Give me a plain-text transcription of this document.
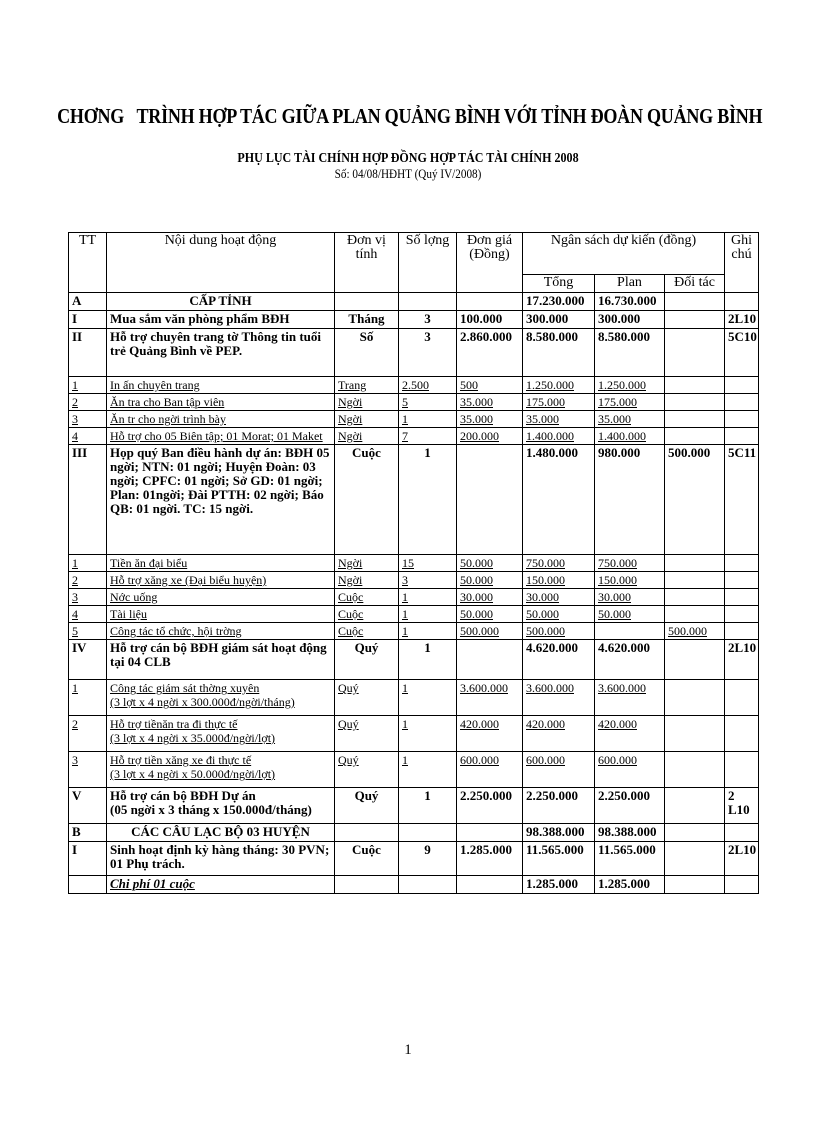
CHƠNG   TRÌNH HỢP TÁC GIỮA PLAN QUẢNG BÌNH VỚI TỈNH ĐOÀN QUẢNG BÌNH
PHỤ LỤC TÀI CHÍNH HỢP ĐỒNG HỢP TÁC TÀI CHÍNH 2008
Số: 04/08/HĐHT (Quý IV/2008)
TT	Nội dung hoạt động	Đơn vị tính	Số lợng	Đơn giá (Đồng)	Ngân sách dự kiến (đồng)			Ghi chú
					Tổng	Plan	Đối tác	
A	CẤP TỈNH				17.230.000	16.730.000		
I	Mua sắm văn phòng phẩm BĐH	Tháng	3	100.000	300.000	300.000		2L10
II	Hỗ trợ chuyên trang tờ Thông tin tuổi trẻ Quảng Bình về PEP.	Số	3	2.860.000	8.580.000	8.580.000		5C10
1	In ấn chuyên trang	Trang	2.500	500	1.250.000	1.250.000		
2	Ăn tra cho Ban tập viên	Ngời	5	35.000	175.000	175.000		
3	Ăn tr cho ngời trình bày	Ngời	1	35.000	35.000	35.000		
4	Hỗ trợ cho 05 Biên tập; 01 Morat; 01 Maket	Ngời	7	200.000	1.400.000	1.400.000		
III	Họp quý Ban điều hành dự án: BĐH 05 ngời; NTN: 01 ngời; Huyện Đoàn: 03 ngời; CPFC: 01 ngời; Sở GD: 01 ngời; Plan: 01ngời; Đài PTTH: 02 ngời; Báo QB: 01 ngời. TC: 15 ngời.	Cuộc	1		1.480.000	980.000	500.000	5C11
1	Tiền ăn đại biểu	Ngời	15	50.000	750.000	750.000		
2	Hỗ trợ xăng xe (Đại biểu huyện)	Ngời	3	50.000	150.000	150.000		
3	Nớc uống	Cuộc	1	30.000	30.000	30.000		
4	Tài liệu	Cuộc	1	50.000	50.000	50.000		
5	Công tác tổ chức, hội trờng	Cuộc	1	500.000	500.000		500.000	
IV	Hỗ trợ cán bộ BĐH giám sát hoạt động tại 04 CLB	Quý	1		4.620.000	4.620.000		2L10
1	Công tác giám sát thờng xuyên
(3 lợt x 4 ngời x 300.000đ/ngời/tháng)	Quý	1	3.600.000	3.600.000	3.600.000		
2	Hỗ trợ tiềnăn tra đi thực tế
(3 lợt x 4 ngời x 35.000đ/ngời/lợt)	Quý	1	420.000	420.000	420.000		
3	Hỗ trợ tiền xăng xe đi thực tế
(3 lợt x 4 ngời x 50.000đ/ngời/lợt)	Quý	1	600.000	600.000	600.000		
V	Hỗ trợ cán bộ BĐH Dự án
(05 ngời x 3 tháng x 150.000đ/tháng)	Quý	1	2.250.000	2.250.000	2.250.000		2 L10
B	CÁC CÂU LẠC BỘ 03 HUYỆN				98.388.000	98.388.000		
I	Sinh hoạt định kỳ hàng tháng: 30 PVN; 01 Phụ trách.	Cuộc	9	1.285.000	11.565.000	11.565.000		2L10
	Chi phí 01 cuộc				1.285.000	1.285.000		
1
